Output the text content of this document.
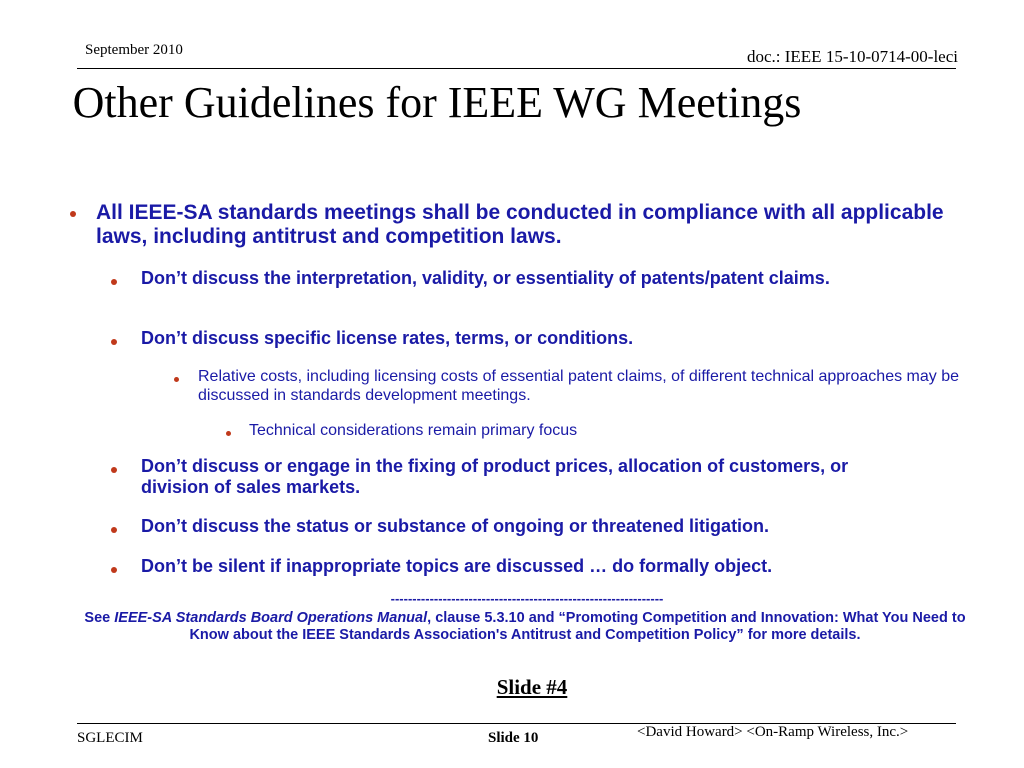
September 2010	doc.: IEEE 15-10-0714-00-leci
Other Guidelines for IEEE WG Meetings
All IEEE-SA standards meetings shall be conducted in compliance with all applicable laws, including antitrust and competition laws.
Don’t discuss the interpretation, validity, or essentiality of patents/patent claims.
Don’t discuss specific license rates, terms, or conditions.
Relative costs, including licensing costs of essential patent claims, of different technical approaches may be discussed in standards development meetings.
Technical considerations remain primary focus
Don’t discuss or engage in the fixing of product prices, allocation of customers, or division of sales markets.
Don’t discuss the status or substance of ongoing or threatened litigation.
Don’t be silent if inappropriate topics are discussed … do formally object.
---------------------------------------------------------------
See IEEE-SA Standards Board Operations Manual, clause 5.3.10 and “Promoting Competition and Innovation: What You Need to Know about the IEEE Standards Association's Antitrust and Competition Policy” for more details.
Slide #4
SGLECIM	Slide 10	<David Howard> <On-Ramp Wireless, Inc.>
